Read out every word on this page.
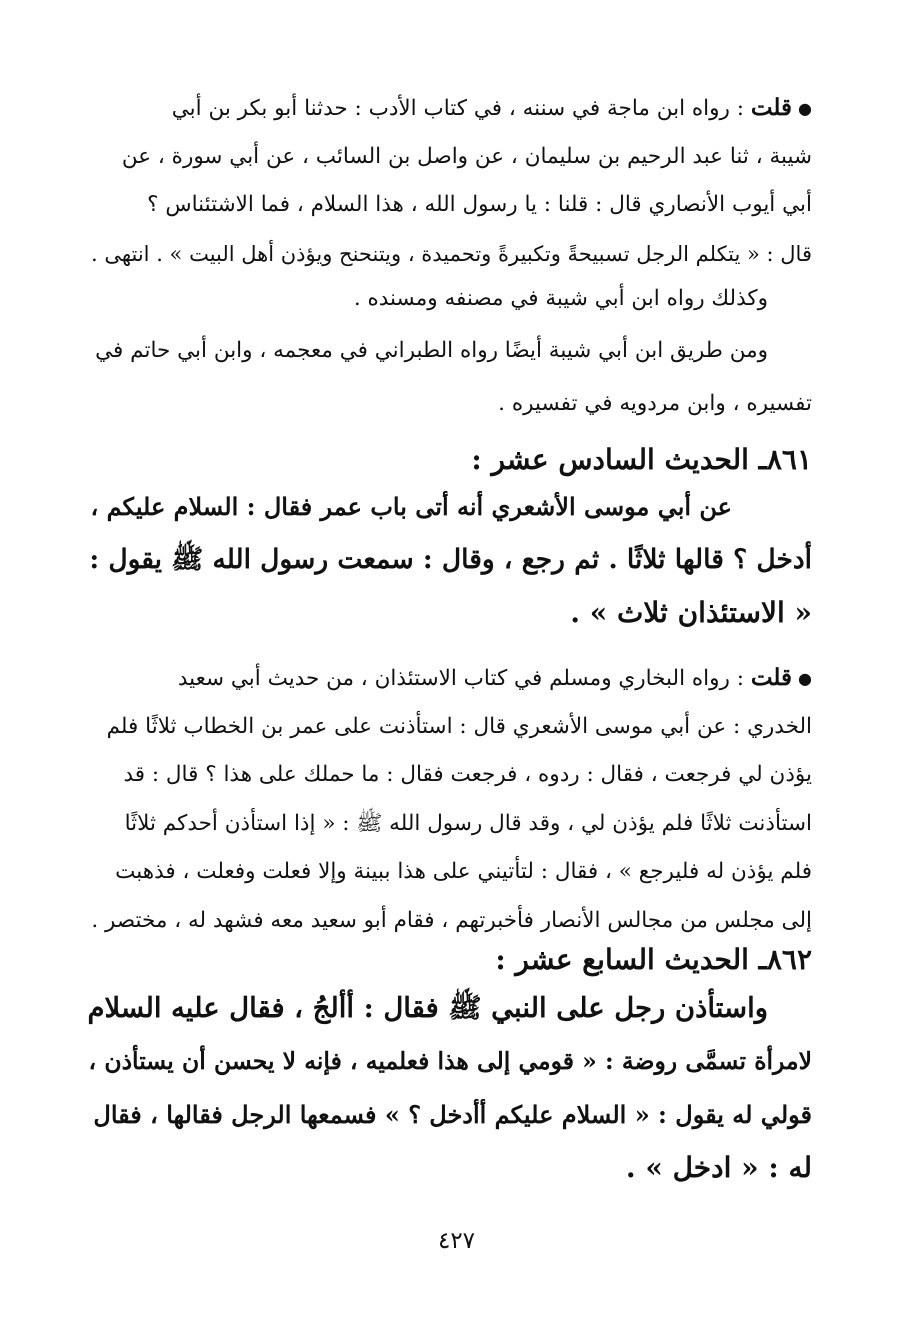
●قلت : رواه ابن ماجة في سننه ، في كتاب الأدب : حدثنا أبو بكر بن أبي
شيبة ، ثنا عبد الرحيم بن سليمان ، عن واصل بن السائب ، عن أبي سورة ، عن
أبي أيوب الأنصاري قال : قلنا : يا رسول الله ، هذا السلام ، فما الاشتئناس ؟
قال : « يتكلم الرجل تسبيحةً وتكبيرةً وتحميدة ، ويتنحنح ويؤذن أهل البيت » . انتهى .
وكذلك رواه ابن أبي شيبة في مصنفه ومسنده .
ومن طريق ابن أبي شيبة أيضًا رواه الطبراني في معجمه ، وابن أبي حاتم في
تفسيره ، وابن مردويه في تفسيره .
٨٦١ـ الحديث السادس عشر :
عن أبي موسى الأشعري أنه أتى باب عمر فقال : السلام عليكم ،
أدخل ؟ قالها ثلاثًا . ثم رجع ، وقال : سمعت رسول الله ﷺ يقول :
« الاستئذان ثلاث » .
●قلت : رواه البخاري ومسلم في كتاب الاستئذان ، من حديث أبي سعيد
الخدري : عن أبي موسى الأشعري قال : استأذنت على عمر بن الخطاب ثلاثًا فلم
يؤذن لي فرجعت ، فقال : ردوه ، فرجعت فقال : ما حملك على هذا ؟ قال : قد
استأذنت ثلاثًا فلم يؤذن لي ، وقد قال رسول الله ﷺ : « إذا استأذن أحدكم ثلاثًا
فلم يؤذن له فليرجع » ، فقال : لتأتيني على هذا ببينة وإلا فعلت وفعلت ، فذهبت
إلى مجلس من مجالس الأنصار فأخبرتهم ، فقام أبو سعيد معه فشهد له ، مختصر .
٨٦٢ـ الحديث السابع عشر :
واستأذن رجل على النبي ﷺ فقال : أألجُ ، فقال عليه السلام
لامرأة تسمَّى روضة : « قومي إلى هذا فعلميه ، فإنه لا يحسن أن يستأذن ،
قولي له يقول : « السلام عليكم أأدخل ؟ » فسمعها الرجل فقالها ، فقال
له : « ادخل » .
٤٢٧
